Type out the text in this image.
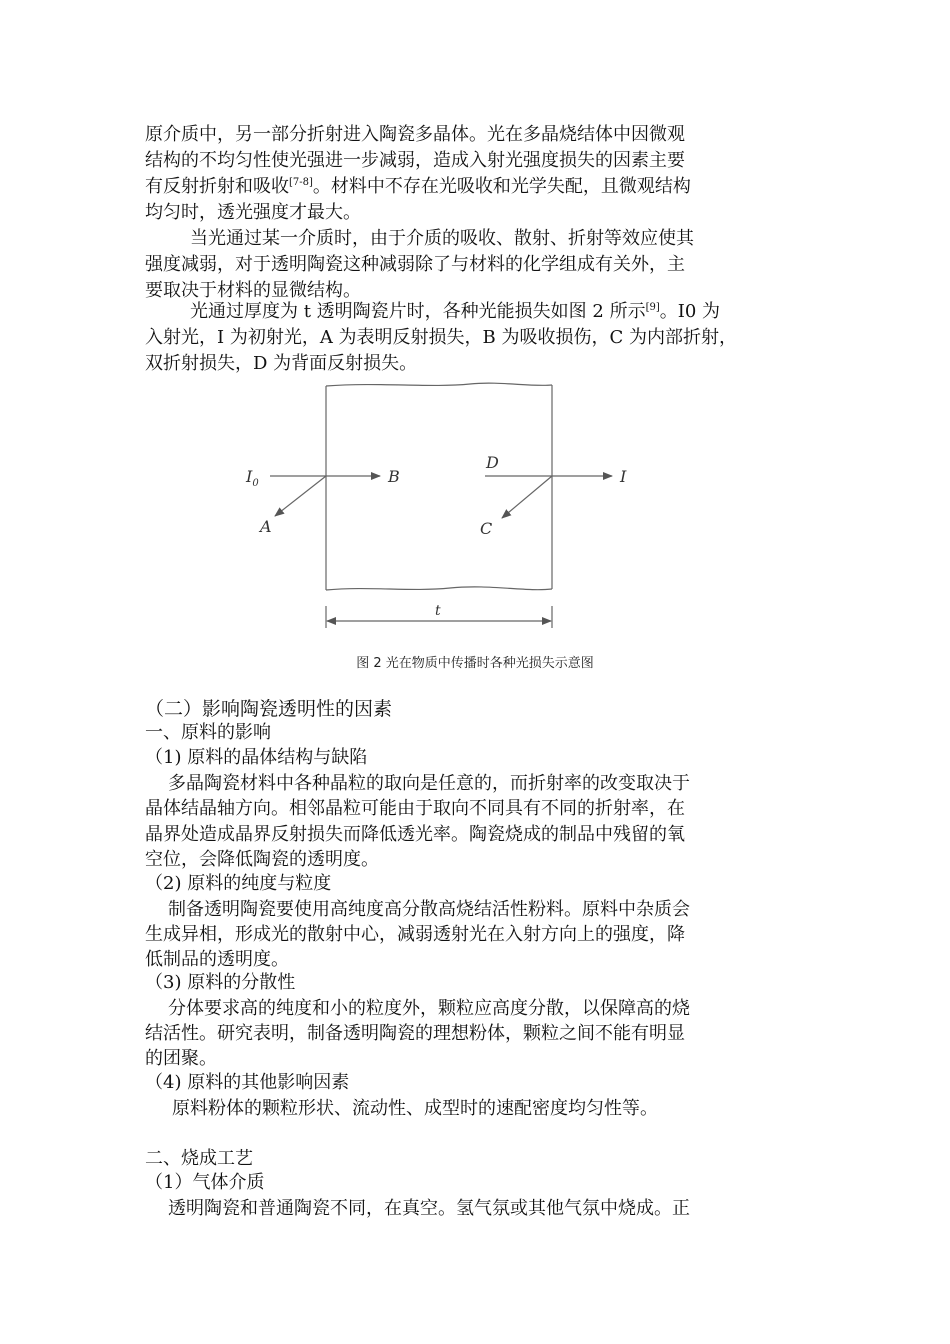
原介质中，另一部分折射进入陶瓷多晶体。光在多晶烧结体中因微观
结构的不均匀性使光强进一步减弱，造成入射光强度损失的因素主要
有反射折射和吸收[7-8]。材料中不存在光吸收和光学失配，且微观结构
均匀时，透光强度才最大。
当光通过某一介质时，由于介质的吸收、散射、折射等效应使其
强度减弱，对于透明陶瓷这种减弱除了与材料的化学组成有关外，主
要取决于材料的显微结构。
光通过厚度为 t 透明陶瓷片时，各种光能损失如图 2 所示[9]。I0 为
入射光，I 为初射光，A 为表明反射损失，B 为吸收损伤，C 为内部折射，
双折射损失，D 为背面反射损失。
$I_0$	B
A
D
I
C
t
图 2 光在物质中传播时各种光损失示意图
（二）影响陶瓷透明性的因素
一、原料的影响
（1) 原料的晶体结构与缺陷
多晶陶瓷材料中各种晶粒的取向是任意的，而折射率的改变取决于
晶体结晶轴方向。相邻晶粒可能由于取向不同具有不同的折射率，在
晶界处造成晶界反射损失而降低透光率。陶瓷烧成的制品中残留的氧
空位，会降低陶瓷的透明度。
（2) 原料的纯度与粒度
制备透明陶瓷要使用高纯度高分散高烧结活性粉料。原料中杂质会
生成异相，形成光的散射中心，减弱透射光在入射方向上的强度，降
低制品的透明度。
（3) 原料的分散性
分体要求高的纯度和小的粒度外，颗粒应高度分散，以保障高的烧
结活性。研究表明，制备透明陶瓷的理想粉体，颗粒之间不能有明显
的团聚。
（4) 原料的其他影响因素
原料粉体的颗粒形状、流动性、成型时的速配密度均匀性等。
二、烧成工艺
（1）气体介质
透明陶瓷和普通陶瓷不同，在真空。氢气氛或其他气氛中烧成。正
